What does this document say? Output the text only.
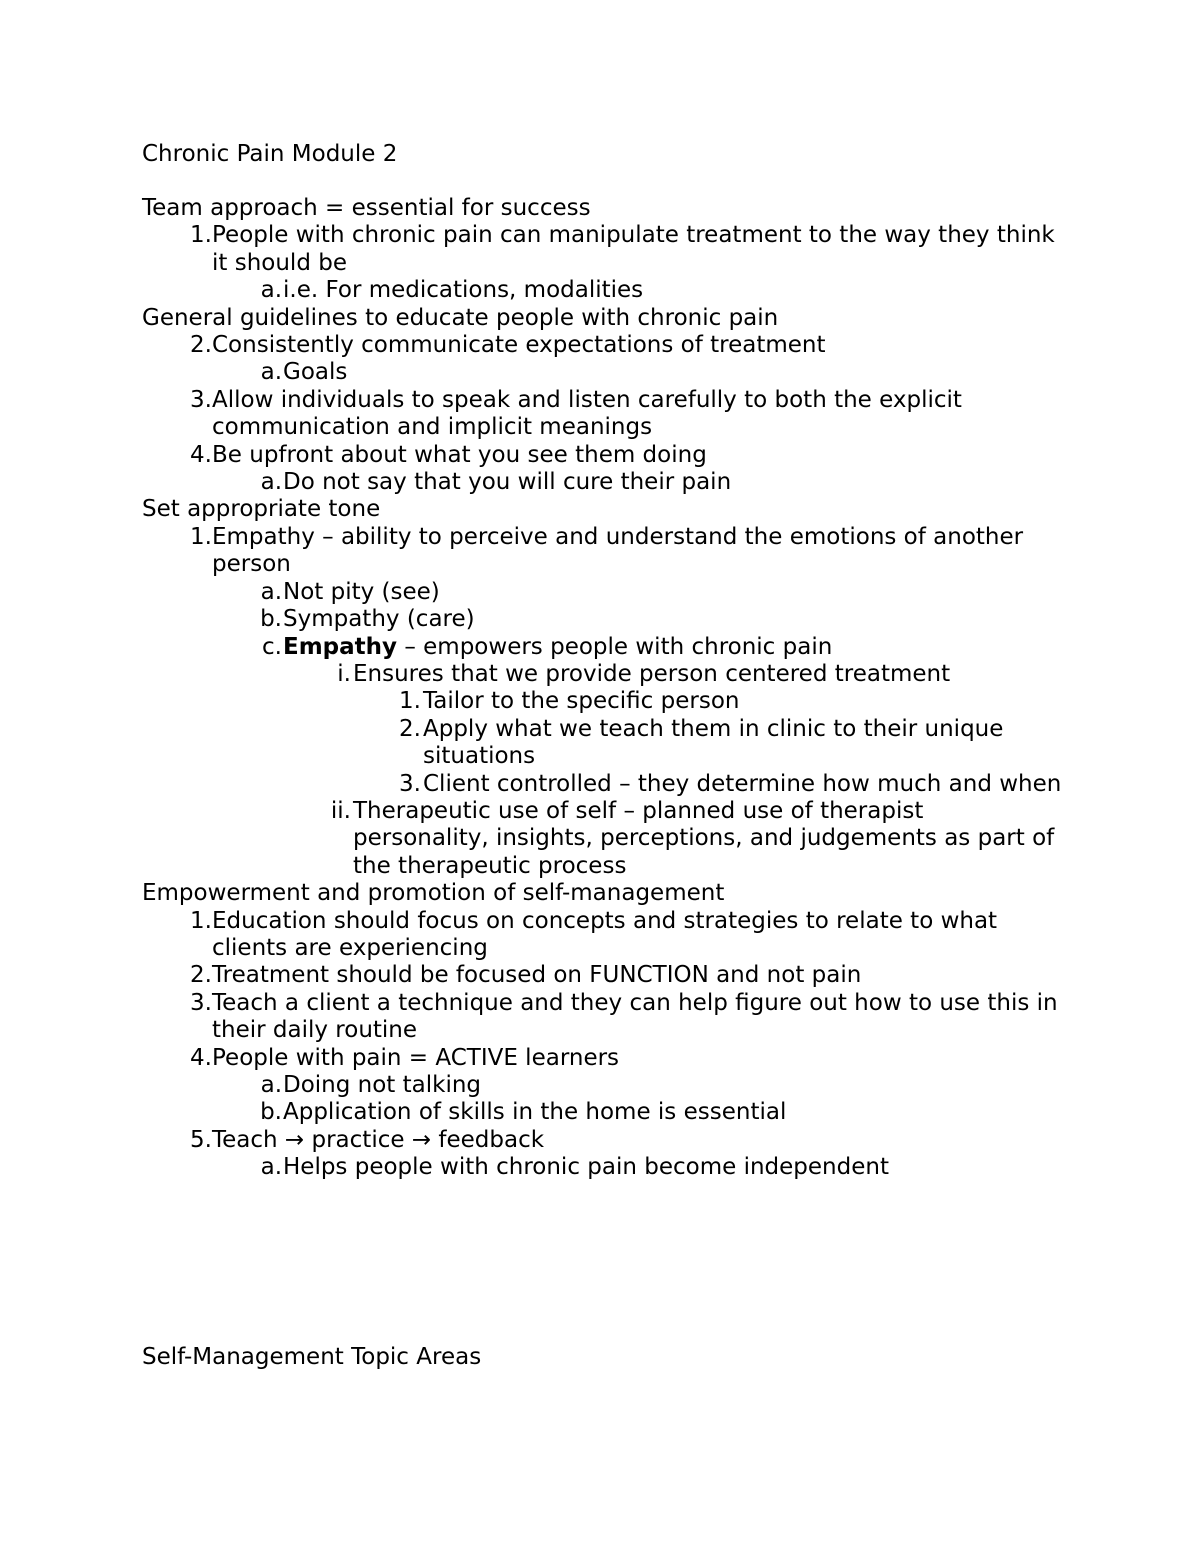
Chronic Pain Module 2
Team approach = essential for success
1. People with chronic pain can manipulate treatment to the way they think it should be
a. i.e. For medications, modalities
General guidelines to educate people with chronic pain
2. Consistently communicate expectations of treatment
a. Goals
3. Allow individuals to speak and listen carefully to both the explicit communication and implicit meanings
4. Be upfront about what you see them doing
a. Do not say that you will cure their pain
Set appropriate tone
1. Empathy – ability to perceive and understand the emotions of another person
a. Not pity (see)
b. Sympathy (care)
c. Empathy – empowers people with chronic pain
i. Ensures that we provide person centered treatment
1. Tailor to the specific person
2. Apply what we teach them in clinic to their unique situations
3. Client controlled – they determine how much and when
ii. Therapeutic use of self – planned use of therapist personality, insights, perceptions, and judgements as part of the therapeutic process
Empowerment and promotion of self-management
1. Education should focus on concepts and strategies to relate to what clients are experiencing
2. Treatment should be focused on FUNCTION and not pain
3. Teach a client a technique and they can help figure out how to use this in their daily routine
4. People with pain = ACTIVE learners
a. Doing not talking
b. Application of skills in the home is essential
5. Teach → practice → feedback
a. Helps people with chronic pain become independent
Self-Management Topic Areas
